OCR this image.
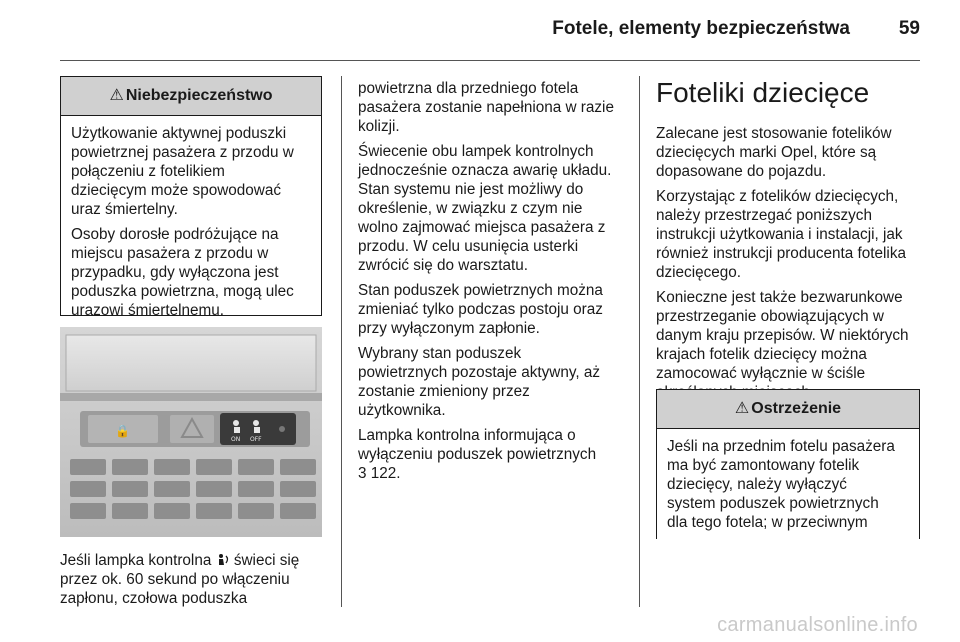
Fotele, elementy bezpieczeństwa	59
⚠ Niebezpieczeństwo

Użytkowanie aktywnej poduszki
powietrznej pasażera z przodu w
połączeniu z fotelikiem
dziecięcym może spowodować
uraz śmiertelny.

Osoby dorosłe podróżujące na
miejscu pasażera z przodu w
przypadku, gdy wyłączona jest
poduszka powietrzna, mogą ulec
urazowi śmiertelnemu.

🔒
ON OFF
Jeśli lampka kontrolna świeci się
przez ok. 60 sekund po włączeniu
zapłonu, czołowa poduszka

powietrzna dla przedniego fotela
pasażera zostanie napełniona w razie
kolizji.

Świecenie obu lampek kontrolnych
jednocześnie oznacza awarię układu.
Stan systemu nie jest możliwy do
określenie, w związku z czym nie
wolno zajmować miejsca pasażera z
przodu. W celu usunięcia usterki
zwrócić się do warsztatu.

Stan poduszek powietrznych można
zmieniać tylko podczas postoju oraz
przy wyłączonym zapłonie.

Wybrany stan poduszek
powietrznych pozostaje aktywny, aż
zostanie zmieniony przez
użytkownika.

Lampka kontrolna informująca o
wyłączeniu poduszek powietrznych
3 122.

Foteliki dziecięce

Zalecane jest stosowanie fotelików
dziecięcych marki Opel, które są
dopasowane do pojazdu.

Korzystając z fotelików dziecięcych,
należy przestrzegać poniższych
instrukcji użytkowania i instalacji, jak
również instrukcji producenta fotelika
dziecięcego.

Konieczne jest także bezwarunkowe
przestrzeganie obowiązujących w
danym kraju przepisów. W niektórych
krajach fotelik dziecięcy można
zamocować wyłącznie w ściśle

⚠ Ostrzeżenie
Jeśli na przednim fotelu pasażera
ma być zamontowany fotelik
dziecięcy, należy wyłączyć
system poduszek powietrznych
dla tego fotela; w przeciwnym
carmanualsonline.info
